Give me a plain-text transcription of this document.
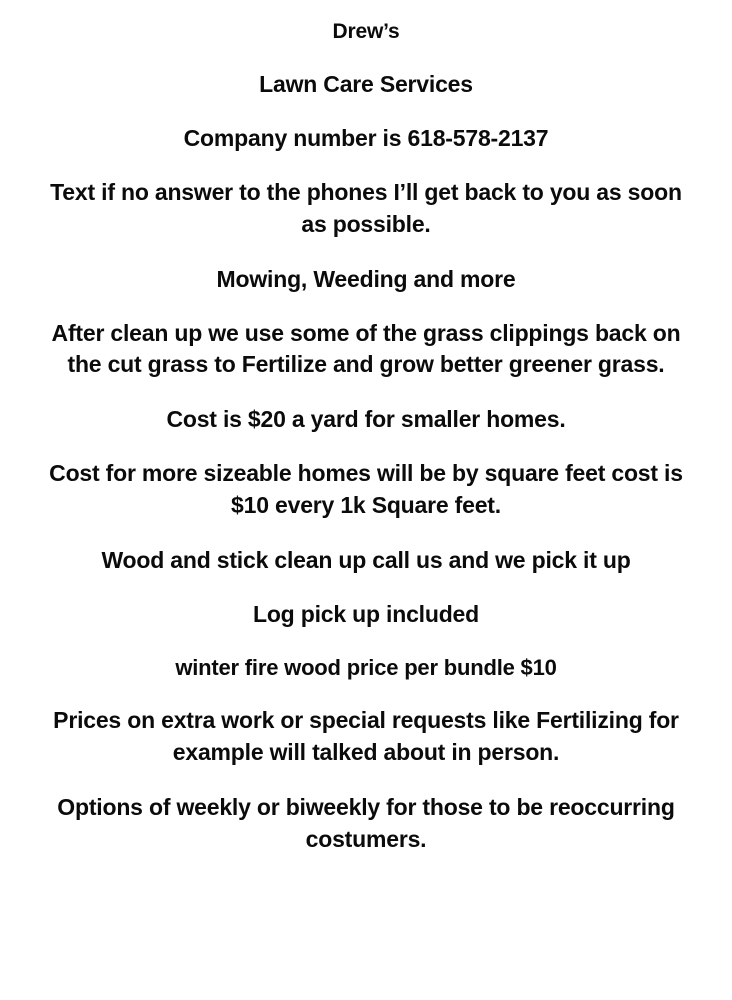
Drew’s

Lawn Care Services

Company number is 618-578-2137

Text if no answer to the phones I’ll get back to you as soon as possible.

Mowing, Weeding and more

After clean up we use some of the grass clippings back on the cut grass to Fertilize and grow better greener grass.

Cost is $20 a yard for smaller homes.

Cost for more sizeable homes will be by square feet cost is $10 every 1k Square feet.

Wood and stick clean up call us and we pick it up

Log pick up included

winter fire wood price per bundle $10

Prices on extra work or special requests like Fertilizing for example will talked about in person.

Options of weekly or biweekly for those to be reoccurring costumers.
